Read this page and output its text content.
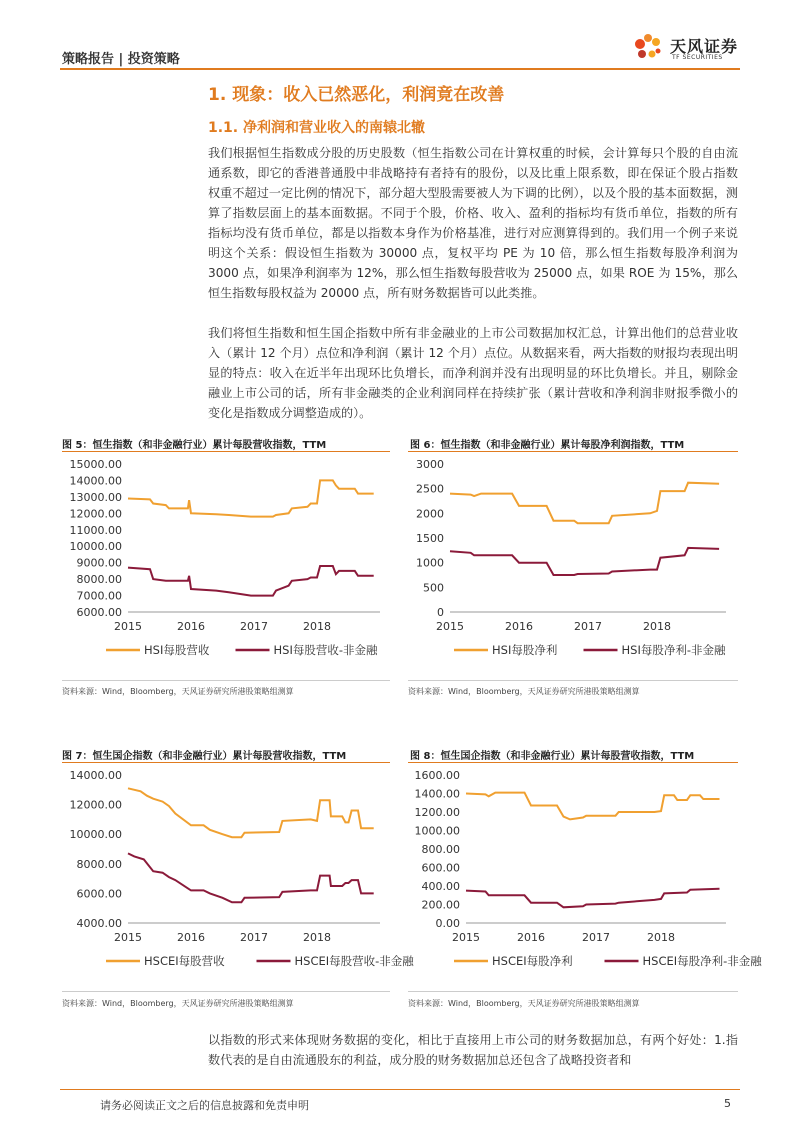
策略报告 | 投资策略
天风证券
TF SECURITIES
1. 现象：收入已然恶化，利润竟在改善
1.1. 净利润和营业收入的南辕北辙

我们根据恒生指数成分股的历史股数（恒生指数公司在计算权重的时候，会计算每只个股的自由流通系数，即它的香港普通股中非战略持有者持有的股份，以及比重上限系数，即在保证个股占指数权重不超过一定比例的情况下，部分超大型股需要被人为下调的比例），以及个股的基本面数据，测算了指数层面上的基本面数据。不同于个股，价格、收入、盈利的指标均有货币单位，指数的所有指标均没有货币单位，都是以指数本身作为价格基准，进行对应测算得到的。我们用一个例子来说明这个关系：假设恒生指数为 30000 点，复权平均 PE 为 10 倍，那么恒生指数每股净利润为 3000 点，如果净利润率为 12%，那么恒生指数每股营收为 25000 点，如果 ROE 为 15%，那么恒生指数每股权益为 20000 点，所有财务数据皆可以此类推。

我们将恒生指数和恒生国企指数中所有非金融业的上市公司数据加权汇总，计算出他们的总营业收入（累计 12 个月）点位和净利润（累计 12 个月）点位。从数据来看，两大指数的财报均表现出明显的特点：收入在近半年出现环比负增长，而净利润并没有出现明显的环比负增长。并且，剔除金融业上市公司的话，所有非金融类的企业利润同样在持续扩张（累计营收和净利润非财报季微小的变化是指数成分调整造成的）。

图 5：恒生指数（和非金融行业）累计每股营收指数，TTM
15000.00
14000.00
13000.00
12000.00
11000.00
10000.00
9000.00
8000.00
7000.00
6000.00
2015	2016	2017	2018
HSI每股营收	HSI每股营收-非金融
资料来源：Wind，Bloomberg，天风证券研究所港股策略组测算
图 6：恒生指数（和非金融行业）累计每股净利润指数，TTM
3000
2500
2000
1500
1000
500
0
2015	2016	2017	2018
HSI每股净利	HSI每股净利-非金融
资料来源：Wind，Bloomberg，天风证券研究所港股策略组测算
图 7：恒生国企指数（和非金融行业）累计每股营收指数，TTM
14000.00
12000.00
10000.00
8000.00
6000.00
4000.00
2015	2016	2017	2018
HSCEI每股营收	HSCEI每股营收-非金融
资料来源：Wind，Bloomberg，天风证券研究所港股策略组测算
图 8：恒生国企指数（和非金融行业）累计每股营收指数，TTM
1600.00
1400.00
1200.00
1000.00
800.00
600.00
400.00
200.00
0.00
2015	2016	2017	2018
HSCEI每股净利	HSCEI每股净利-非金融
资料来源：Wind，Bloomberg，天风证券研究所港股策略组测算

以指数的形式来体现财务数据的变化，相比于直接用上市公司的财务数据加总，有两个好处：1.指数代表的是自由流通股东的利益，成分股的财务数据加总还包含了战略投资者和

请务必阅读正文之后的信息披露和免责申明	5
